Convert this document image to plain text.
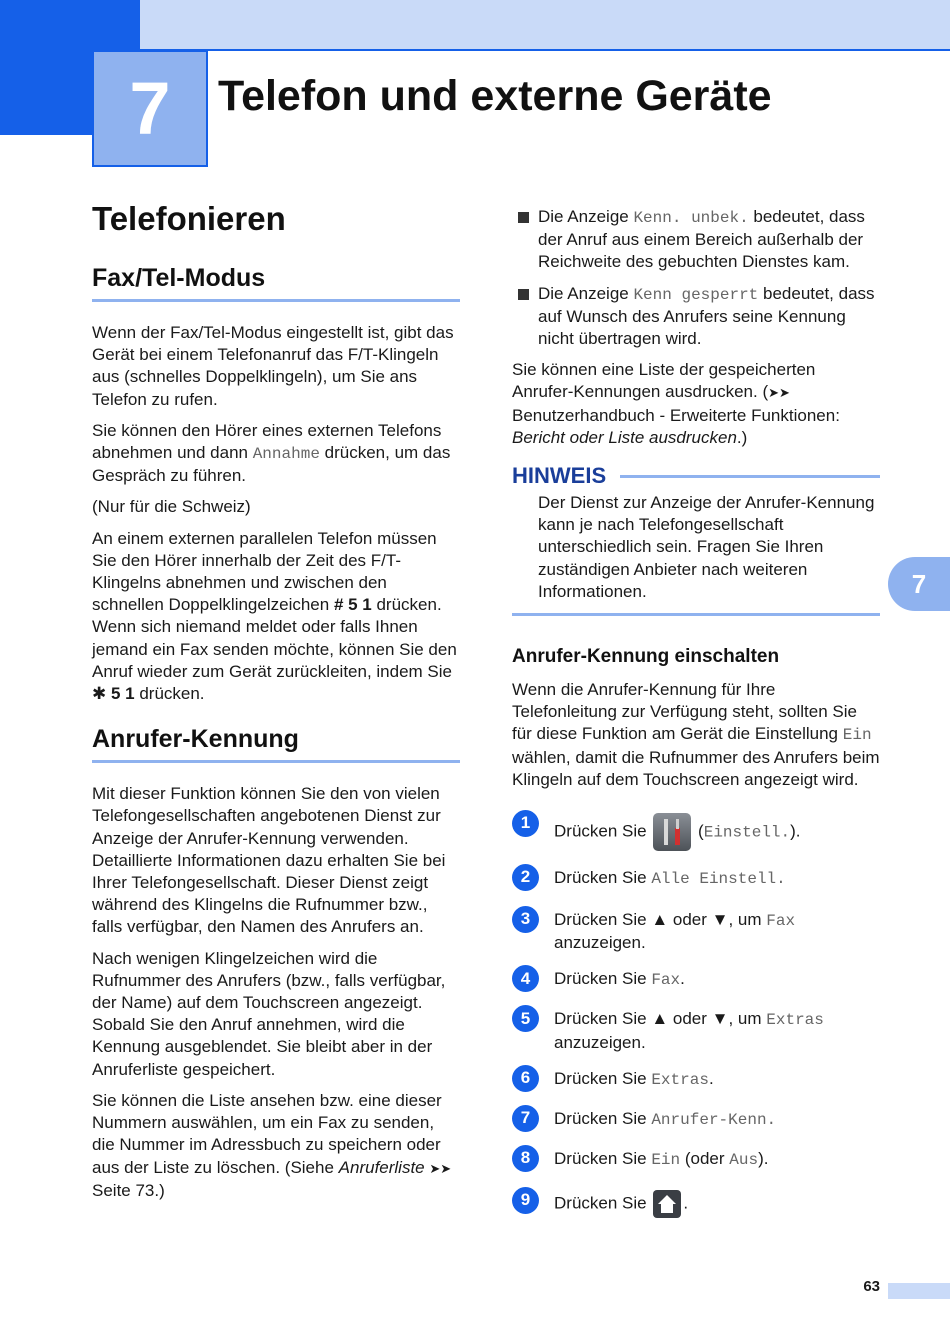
7	Telefon und externe Geräte
7
Telefonieren
Fax/Tel-Modus

Wenn der Fax/Tel-Modus eingestellt ist, gibt das Gerät bei einem Telefonanruf das F/T-Klingeln aus (schnelles Doppelklingeln), um Sie ans Telefon zu rufen.

Sie können den Hörer eines externen Telefons abnehmen und dann Annahme drücken, um das Gespräch zu führen.

(Nur für die Schweiz)

An einem externen parallelen Telefon müssen Sie den Hörer innerhalb der Zeit des F/T-Klingelns abnehmen und zwischen den schnellen Doppelklingelzeichen # 5 1 drücken. Wenn sich niemand meldet oder falls Ihnen jemand ein Fax senden möchte, können Sie den Anruf wieder zum Gerät zurückleiten, indem Sie ✱ 5 1 drücken.

Anrufer-Kennung

Mit dieser Funktion können Sie den von vielen Telefongesellschaften angebotenen Dienst zur Anzeige der Anrufer-Kennung verwenden. Detaillierte Informationen dazu erhalten Sie bei Ihrer Telefongesellschaft. Dieser Dienst zeigt während des Klingelns die Rufnummer bzw., falls verfügbar, den Namen des Anrufers an.

Nach wenigen Klingelzeichen wird die Rufnummer des Anrufers (bzw., falls verfügbar, der Name) auf dem Touchscreen angezeigt. Sobald Sie den Anruf annehmen, wird die Kennung ausgeblendet. Sie bleibt aber in der Anruferliste gespeichert.

Sie können die Liste ansehen bzw. eine dieser Nummern auswählen, um ein Fax zu senden, die Nummer im Adressbuch zu speichern oder aus der Liste zu löschen. (Siehe Anruferliste ➤➤ Seite 73.)

Die Anzeige Kenn. unbek. bedeutet, dass der Anruf aus einem Bereich außerhalb der Reichweite des gebuchten Dienstes kam.
Die Anzeige Kenn gesperrt bedeutet, dass auf Wunsch des Anrufers seine Kennung nicht übertragen wird.

Sie können eine Liste der gespeicherten Anrufer-Kennungen ausdrucken. (➤➤ Benutzerhandbuch - Erweiterte Funktionen: Bericht oder Liste ausdrucken.)

HINWEIS

Der Dienst zur Anzeige der Anrufer-Kennung kann je nach Telefongesellschaft unterschiedlich sein. Fragen Sie Ihren zuständigen Anbieter nach weiteren Informationen.

Anrufer-Kennung einschalten

Wenn die Anrufer-Kennung für Ihre Telefonleitung zur Verfügung steht, sollten Sie für diese Funktion am Gerät die Einstellung Ein wählen, damit die Rufnummer des Anrufers beim Klingeln auf dem Touchscreen angezeigt wird.

1	Drücken Sie  (Einstell.).
2	Drücken Sie Alle Einstell.
3	Drücken Sie ▲ oder ▼, um Fax anzuzeigen.
4	Drücken Sie Fax.
5	Drücken Sie ▲ oder ▼, um Extras anzuzeigen.
6	Drücken Sie Extras.
7	Drücken Sie Anrufer-Kenn.
8	Drücken Sie Ein (oder Aus).
9	Drücken Sie .
63
